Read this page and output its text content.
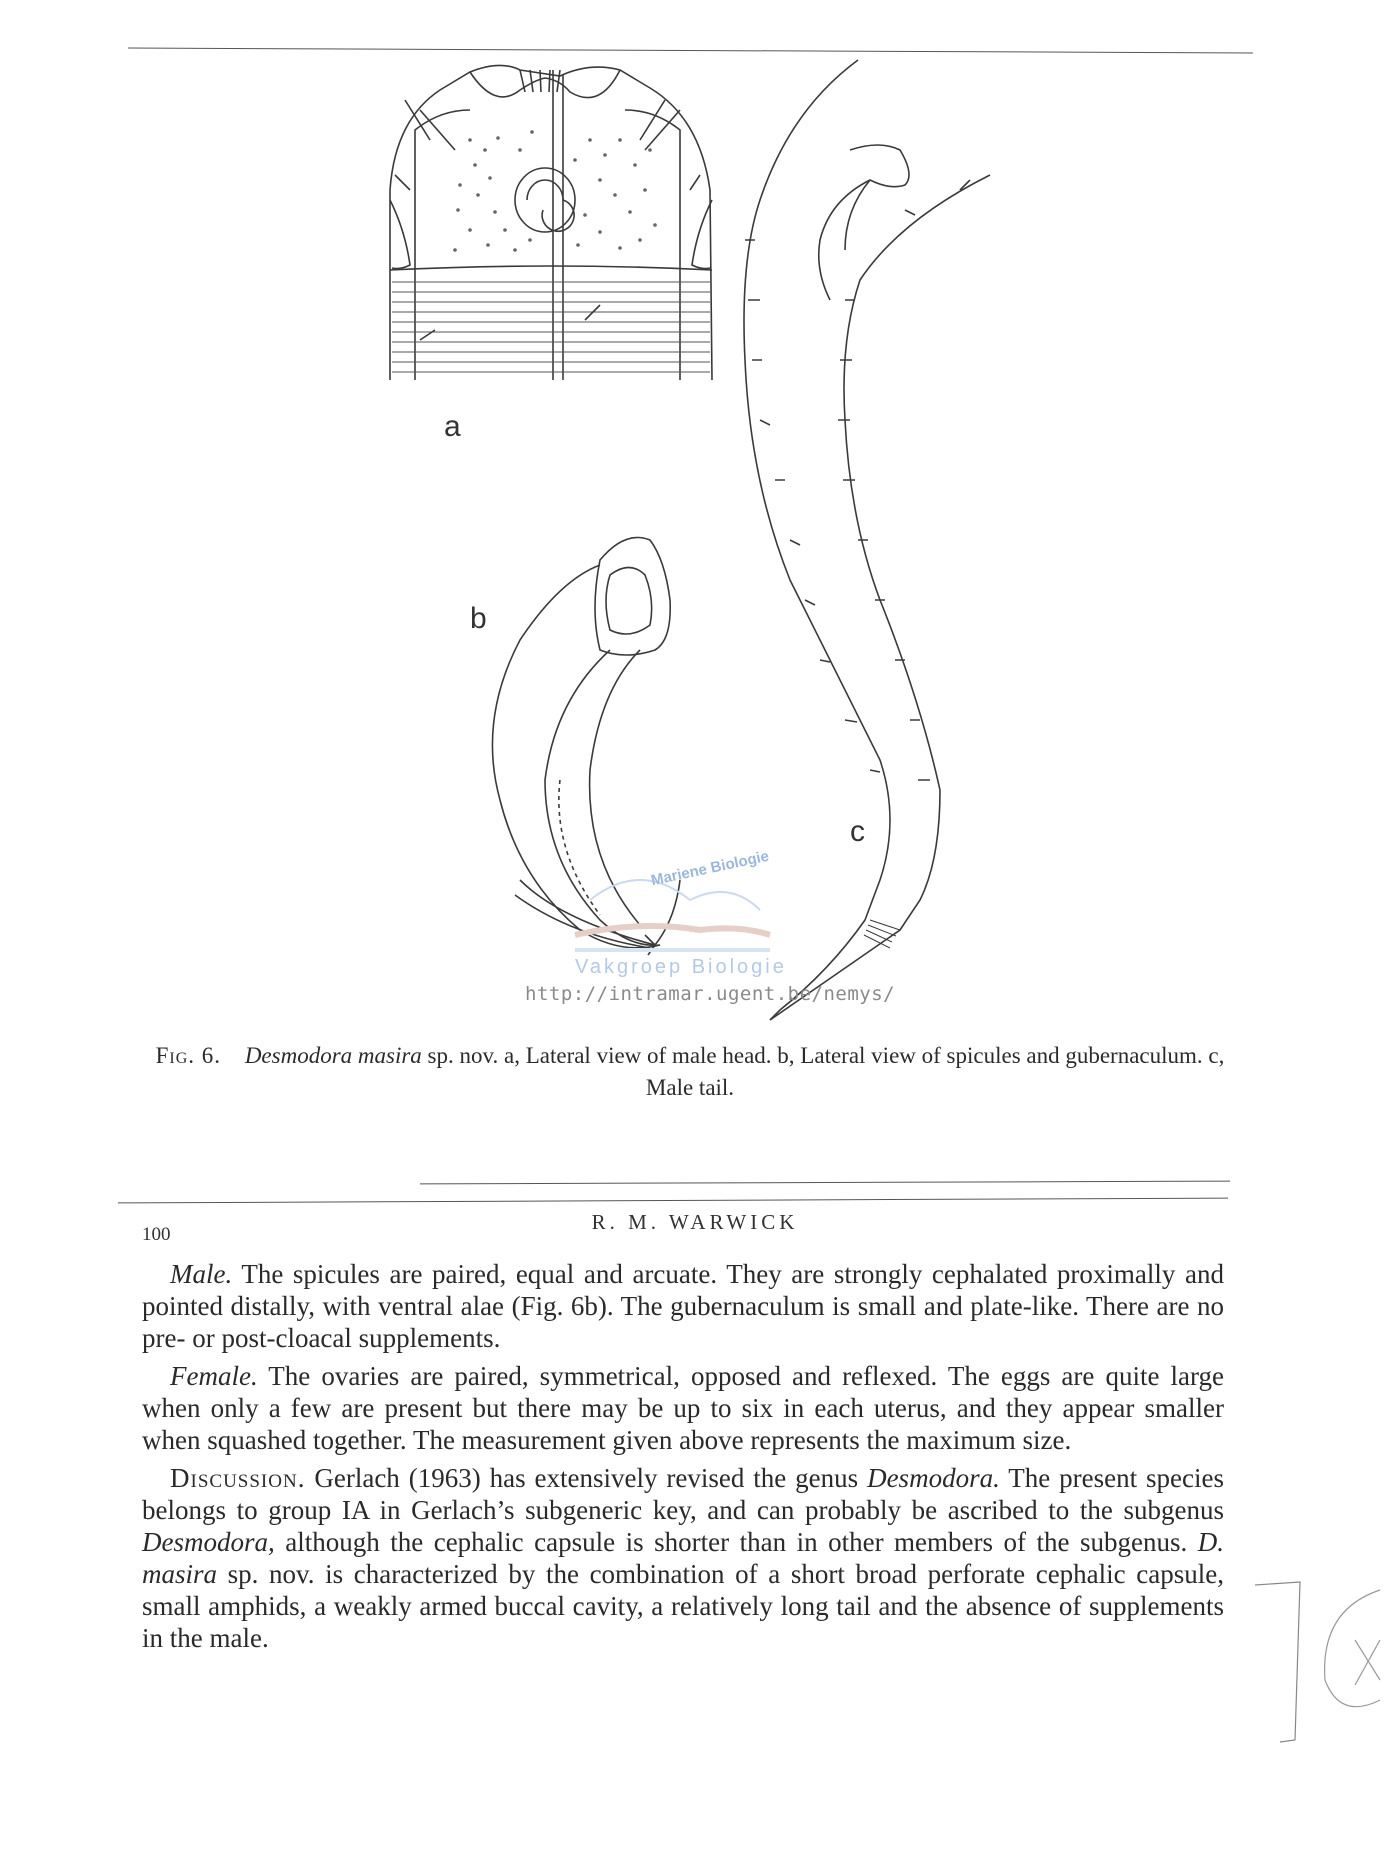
a
b
c
Mariene Biologie
Vakgroep Biologie
http://intramar.ugent.be/nemys/
Fig. 6. Desmodora masira sp. nov. a, Lateral view of male head. b, Lateral view of spicules and gubernaculum. c, Male tail.
R. M. WARWICK
100

Male. The spicules are paired, equal and arcuate. They are strongly cephalated proximally and pointed distally, with ventral alae (Fig. 6b). The gubernaculum is small and plate-like. There are no pre- or post-cloacal supplements.

Female. The ovaries are paired, symmetrical, opposed and reflexed. The eggs are quite large when only a few are present but there may be up to six in each uterus, and they appear smaller when squashed together. The measurement given above represents the maximum size.

Discussion. Gerlach (1963) has extensively revised the genus Desmodora. The present species belongs to group IA in Gerlach’s subgeneric key, and can probably be ascribed to the subgenus Desmodora, although the cephalic capsule is shorter than in other members of the subgenus. D. masira sp. nov. is characterized by the combination of a short broad perforate cephalic capsule, small amphids, a weakly armed buccal cavity, a relatively long tail and the absence of supplements in the male.
